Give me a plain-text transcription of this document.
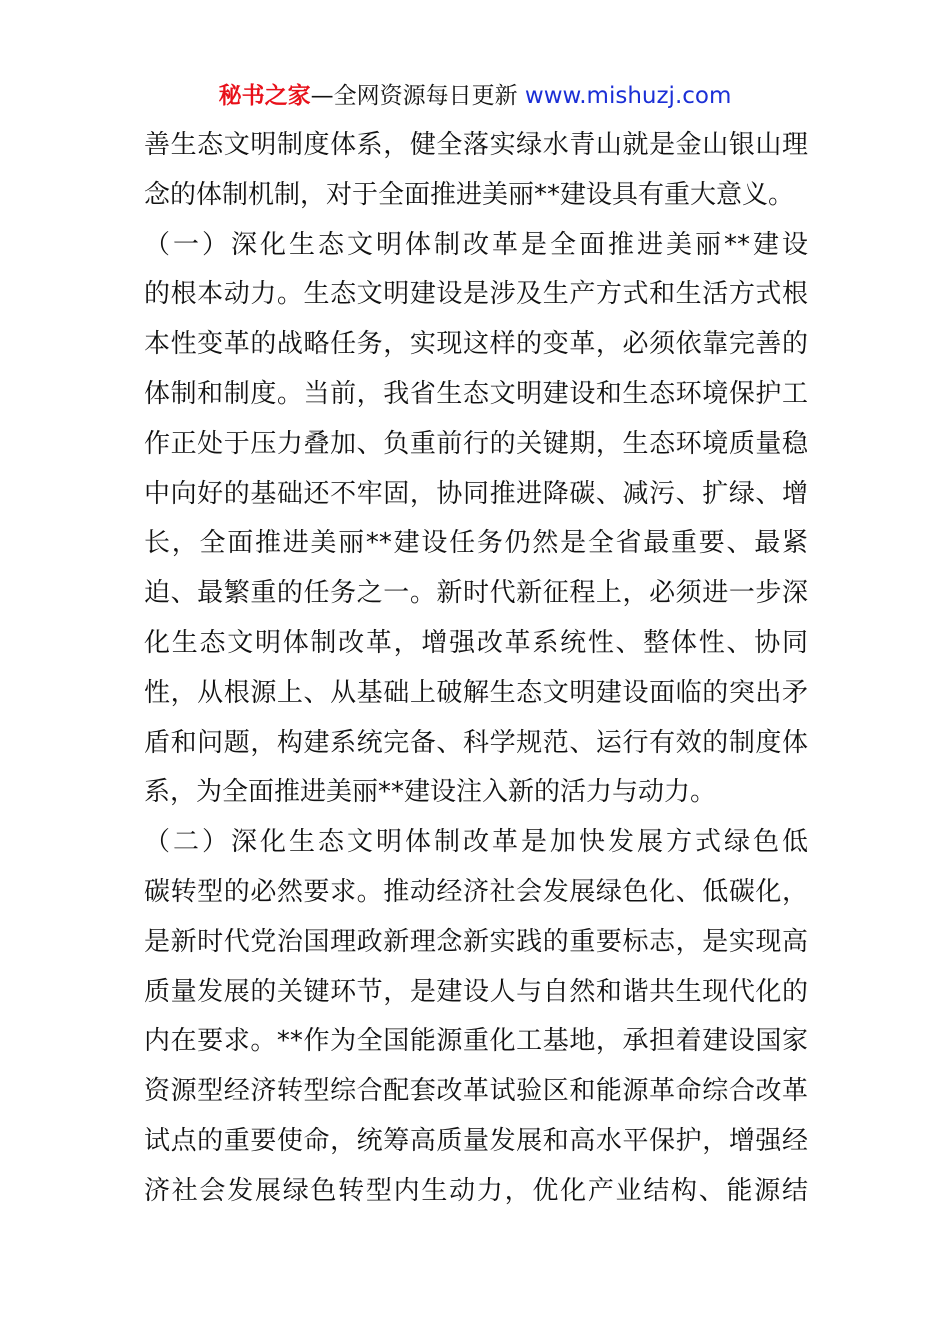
秘书之家—全网资源每日更新 www.mishuzj.com
善生态文明制度体系，健全落实绿水青山就是金山银山理
念的体制机制，对于全面推进美丽**建设具有重大意义。
（一）深化生态文明体制改革是全面推进美丽**建设
的根本动力。生态文明建设是涉及生产方式和生活方式根
本性变革的战略任务，实现这样的变革，必须依靠完善的
体制和制度。当前，我省生态文明建设和生态环境保护工
作正处于压力叠加、负重前行的关键期，生态环境质量稳
中向好的基础还不牢固，协同推进降碳、减污、扩绿、增
长，全面推进美丽**建设任务仍然是全省最重要、最紧
迫、最繁重的任务之一。新时代新征程上，必须进一步深
化生态文明体制改革，增强改革系统性、整体性、协同
性，从根源上、从基础上破解生态文明建设面临的突出矛
盾和问题，构建系统完备、科学规范、运行有效的制度体
系，为全面推进美丽**建设注入新的活力与动力。
（二）深化生态文明体制改革是加快发展方式绿色低
碳转型的必然要求。推动经济社会发展绿色化、低碳化，
是新时代党治国理政新理念新实践的重要标志，是实现高
质量发展的关键环节，是建设人与自然和谐共生现代化的
内在要求。**作为全国能源重化工基地，承担着建设国家
资源型经济转型综合配套改革试验区和能源革命综合改革
试点的重要使命，统筹高质量发展和高水平保护，增强经
济社会发展绿色转型内生动力，优化产业结构、能源结
